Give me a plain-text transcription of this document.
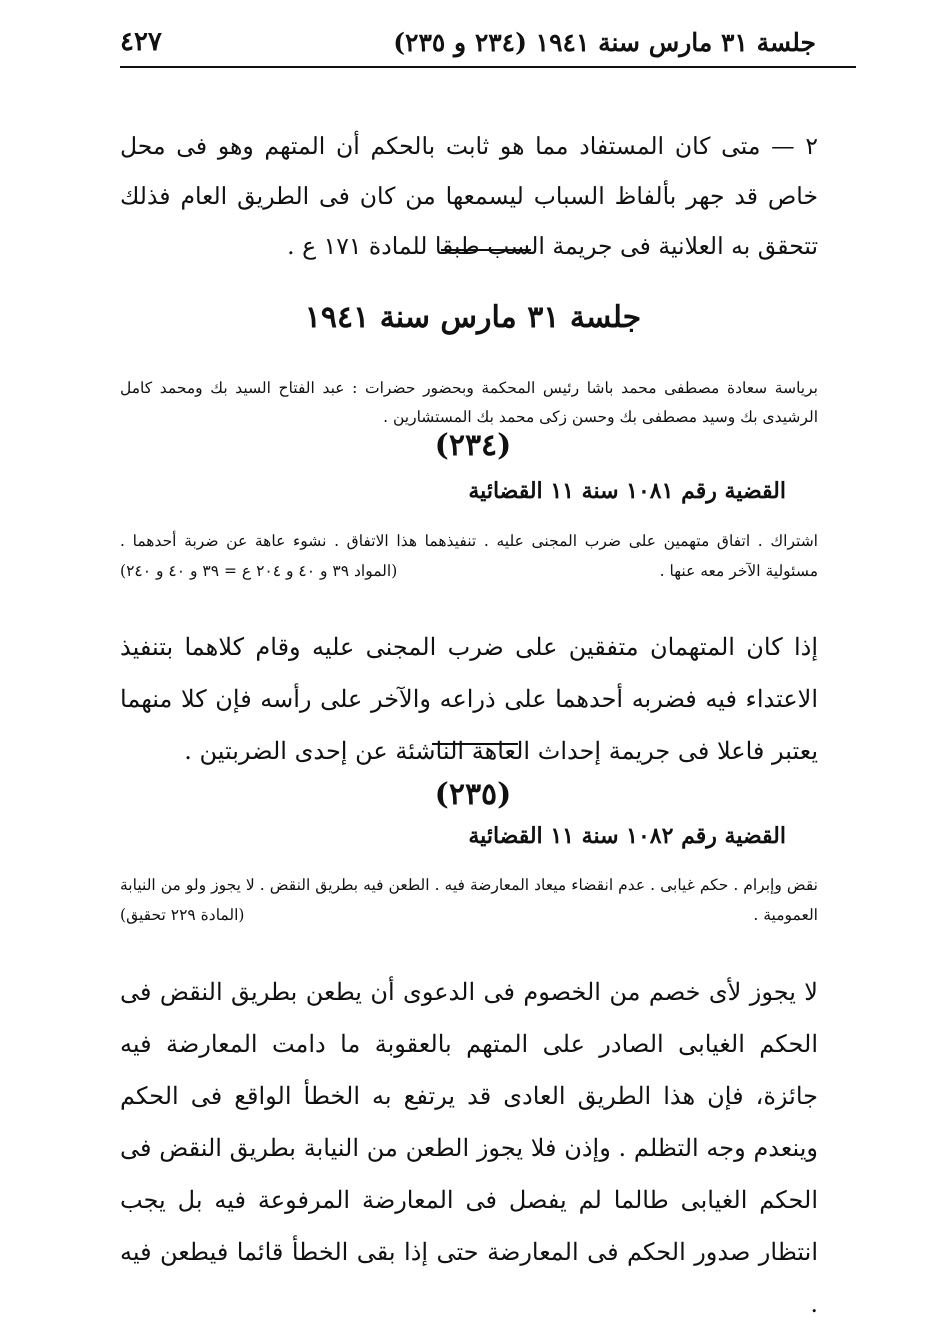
جلسة ٣١ مارس سنة ١٩٤١ (٢٣٤ و ٢٣٥)
٤٢٧

٢ — متى كان المستفاد مما هو ثابت بالحكم أن المتهم وهو فى محل خاص قد جهر بألفاظ السباب ليسمعها من كان فى الطريق العام فذلك تتحقق به العلانية فى جريمة السب طبقا للمادة ١٧١ ع .

جلسة ٣١ مارس سنة ١٩٤١

برياسة سعادة مصطفى محمد باشا رئيس المحكمة وبحضور حضرات : عبد الفتاح السيد بك ومحمد كامل الرشيدى بك وسيد مصطفى بك وحسن زكى محمد بك المستشارين .

(٢٣٤)
القضية رقم ١٠٨١ سنة ١١ القضائية
اشتراك . اتفاق متهمين على ضرب المجنى عليه . تنفيذهما هذا الاتفاق . نشوء عاهة عن ضربة أحدهما . مسئولية الآخر معه عنها .
(المواد ٣٩ و ٤٠ و ٢٠٤ ع = ٣٩ و ٤٠ و ٢٤٠)

إذا كان المتهمان متفقين على ضرب المجنى عليه وقام كلاهما بتنفيذ الاعتداء فيه فضربه أحدهما على ذراعه والآخر على رأسه فإن كلا منهما يعتبر فاعلا فى جريمة إحداث العاهة الناشئة عن إحدى الضربتين .

(٢٣٥)
القضية رقم ١٠٨٢ سنة ١١ القضائية
نقض وإبرام . حكم غيابى . عدم انقضاء ميعاد المعارضة فيه . الطعن فيه بطريق النقض . لا يجوز ولو من النيابة العمومية .
(المادة ٢٢٩ تحقيق)

لا يجوز لأى خصم من الخصوم فى الدعوى أن يطعن بطريق النقض فى الحكم الغيابى الصادر على المتهم بالعقوبة ما دامت المعارضة فيه جائزة، فإن هذا الطريق العادى قد يرتفع به الخطأ الواقع فى الحكم وينعدم وجه التظلم . وإذن فلا يجوز الطعن من النيابة بطريق النقض فى الحكم الغيابى طالما لم يفصل فى المعارضة المرفوعة فيه بل يجب انتظار صدور الحكم فى المعارضة حتى إذا بقى الخطأ قائما فيطعن فيه .
